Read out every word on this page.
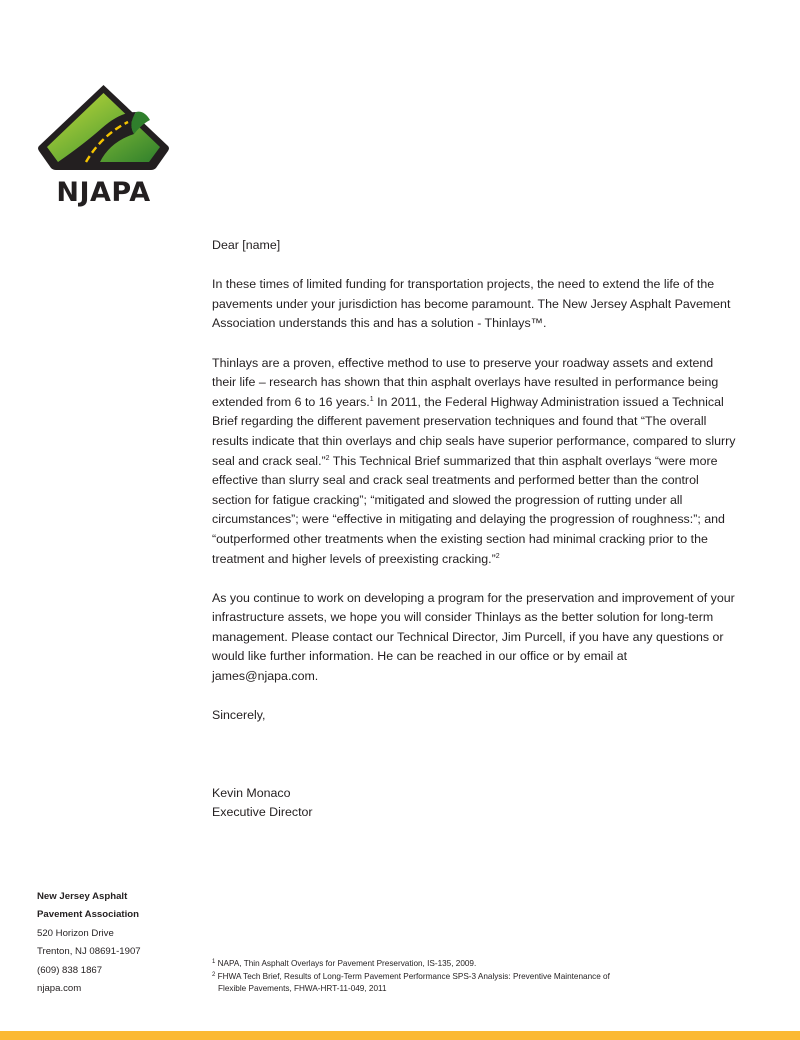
NJAPA

Dear [name]

In these times of limited funding for transportation projects, the need to extend the life of the pavements under your jurisdiction has become paramount. The New Jersey Asphalt Pavement Association understands this and has a solution - Thinlays™.

Thinlays are a proven, effective method to use to preserve your roadway assets and extend their life – research has shown that thin asphalt overlays have resulted in performance being extended from 6 to 16 years.$^1$ In 2011, the Federal Highway Administration issued a Technical Brief regarding the different pavement preservation techniques and found that “The overall results indicate that thin overlays and chip seals have superior performance, compared to slurry seal and crack seal.”$^2$ This Technical Brief summarized that thin asphalt overlays “were more effective than slurry seal and crack seal treatments and performed better than the control section for fatigue cracking”; “mitigated and slowed the progression of rutting under all circumstances”; were “effective in mitigating and delaying the progression of roughness:”; and “outperformed other treatments when the existing section had minimal cracking prior to the treatment and higher levels of preexisting cracking.”$^2$

As you continue to work on developing a program for the preservation and improvement of your infrastructure assets, we hope you will consider Thinlays as the better solution for long-term management. Please contact our Technical Director, Jim Purcell, if you have any questions or would like further information. He can be reached in our office or by email at james@njapa.com.

Sincerely,

Kevin Monaco

Executive Director

New Jersey Asphalt
Pavement Association
520 Horizon Drive
Trenton, NJ 08691-1907
(609) 838 1867
njapa.com
$^1$ NAPA, Thin Asphalt Overlays for Pavement Preservation, IS-135, 2009.
$^2$ FHWA Tech Brief, Results of Long-Term Pavement Performance SPS-3 Analysis: Preventive Maintenance of
Flexible Pavements, FHWA-HRT-11-049, 2011
